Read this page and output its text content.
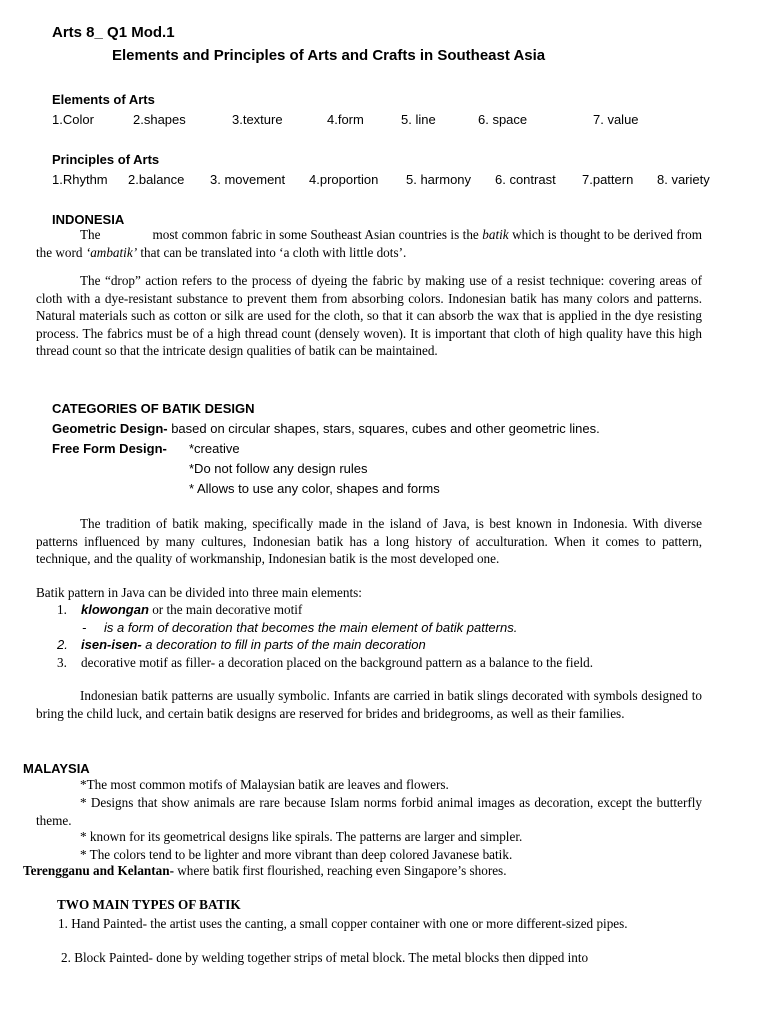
Arts 8_ Q1 Mod.1
Elements and Principles of Arts and Crafts in Southeast Asia
Elements of Arts
1.Color	2.shapes	3.texture	4.form	5. line	6. space	7. value
Principles of Arts
1.Rhythm 2.balance 3. movement 4.proportion 5. harmony 6. contrast 7.pattern 8. variety
INDONESIA
The	most common fabric in some Southeast Asian countries is the batik which is thought to be derived from the word ‘ambatik’ that can be translated into ‘a cloth with little dots’.
The “drop” action refers to the process of dyeing the fabric by making use of a resist technique: covering areas of cloth with a dye-resistant substance to prevent them from absorbing colors. Indonesian batik has many colors and patterns. Natural materials such as cotton or silk are used for the cloth, so that it can absorb the wax that is applied in the dye resisting process. The fabrics must be of a high thread count (densely woven). It is important that cloth of high quality have this high thread count so that the intricate design qualities of batik can be maintained.
CATEGORIES OF BATIK DESIGN
Geometric Design- based on circular shapes, stars, squares, cubes and other geometric lines.
Free Form Design- *creative
*Do not follow any design rules
* Allows to use any color, shapes and forms
The tradition of batik making, specifically made in the island of Java, is best known in Indonesia. With diverse patterns influenced by many cultures, Indonesian batik has a long history of acculturation. When it comes to pattern, technique, and the quality of workmanship, Indonesian batik is the most developed one.
Batik pattern in Java can be divided into three main elements:
1. klowongan or the main decorative motif
- is a form of decoration that becomes the main element of batik patterns.
2. isen-isen- a decoration to fill in parts of the main decoration
3. decorative motif as filler- a decoration placed on the background pattern as a balance to the field.
Indonesian batik patterns are usually symbolic. Infants are carried in batik slings decorated with symbols designed to bring the child luck, and certain batik designs are reserved for brides and bridegrooms, as well as their families.
MALAYSIA
*The most common motifs of Malaysian batik are leaves and flowers.
* Designs that show animals are rare because Islam norms forbid animal images as decoration, except the butterfly theme.
* known for its geometrical designs like spirals. The patterns are larger and simpler.
* The colors tend to be lighter and more vibrant than deep colored Javanese batik.
Terengganu and Kelantan- where batik first flourished, reaching even Singapore’s shores.
TWO MAIN TYPES OF BATIK
1. Hand Painted- the artist uses the canting, a small copper container with one or more different-sized pipes.
2. Block Painted- done by welding together strips of metal block. The metal blocks then dipped into
